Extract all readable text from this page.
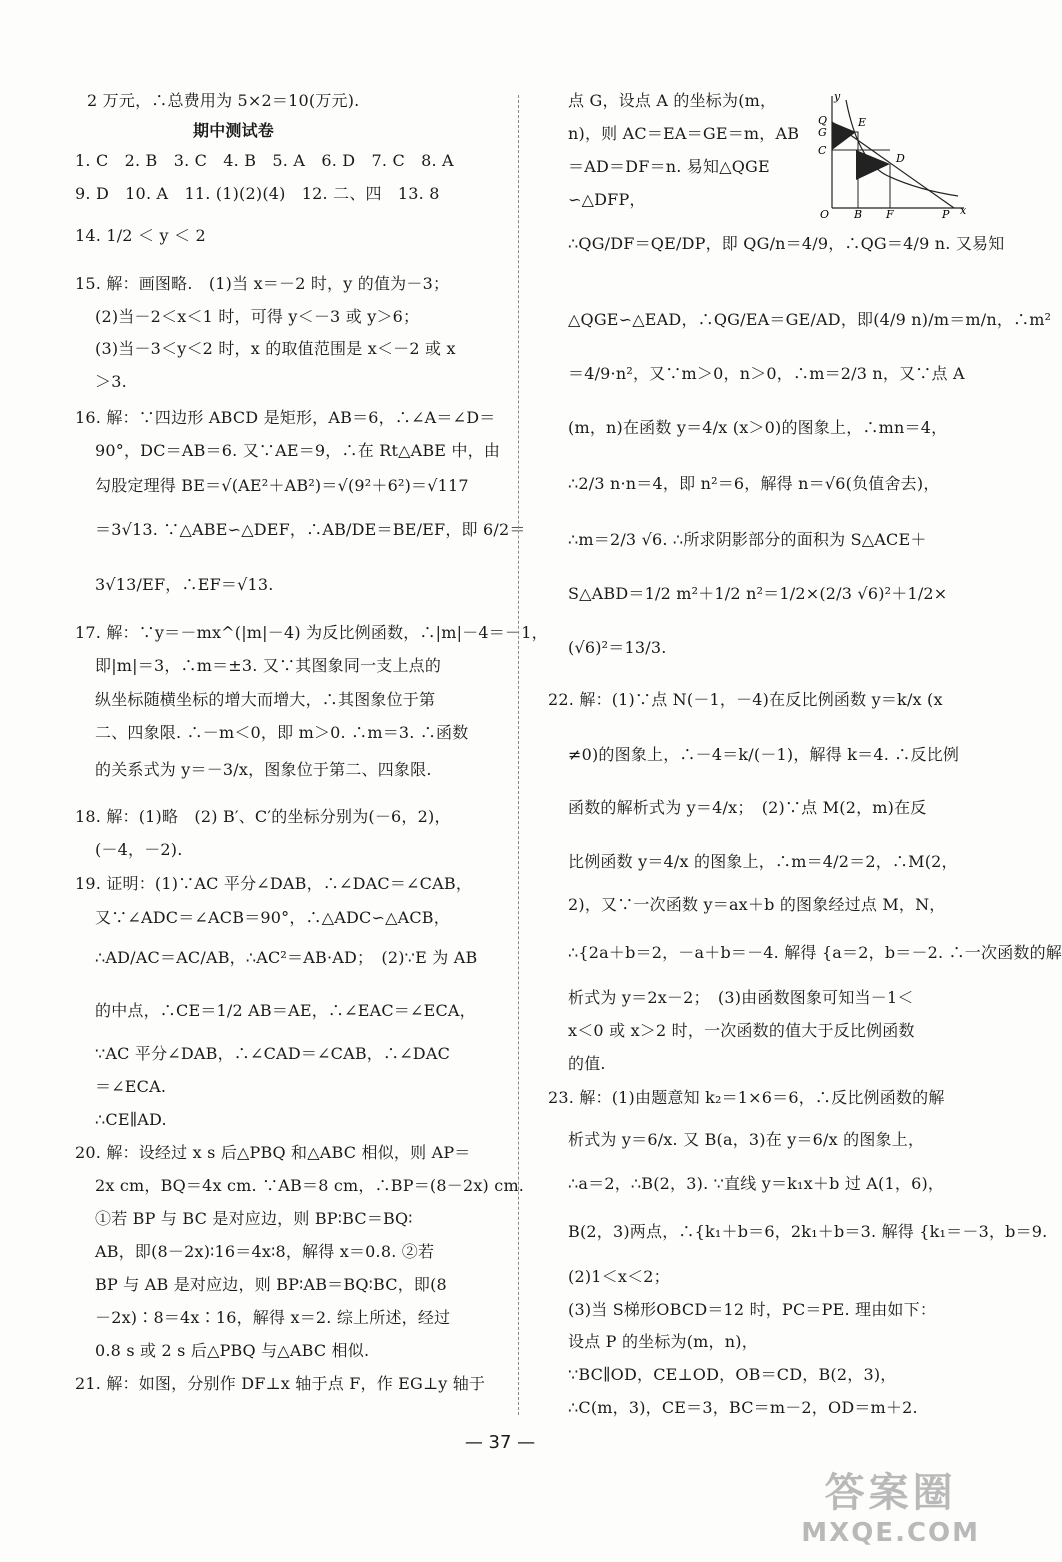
2 万元，∴总费用为 5×2＝10(万元).
期中测试卷
1. C　2. B　3. C　4. B　5. A　6. D　7. C　8. A
9. D　10. A　11. (1)(2)(4)　12. 二、四　13. 8
14. 1/2 ＜ y ＜ 2
15. 解：画图略.　(1)当 x＝－2 时，y 的值为－3；
(2)当－2＜x＜1 时，可得 y＜－3 或 y＞6；
(3)当－3＜y＜2 时，x 的取值范围是 x＜－2 或 x
＞3.
16. 解：∵四边形 ABCD 是矩形，AB＝6，∴∠A＝∠D＝
90°，DC＝AB＝6. 又∵AE＝9，∴在 Rt△ABE 中，由
勾股定理得 BE＝√(AE²＋AB²)＝√(9²＋6²)＝√117
＝3√13. ∵△ABE∽△DEF，∴AB/DE＝BE/EF，即 6/2＝
3√13/EF，∴EF＝√13.
17. 解：∵y＝－mx^(|m|－4) 为反比例函数，∴|m|－4＝－1，
即|m|＝3，∴m＝±3. 又∵其图象同一支上点的
纵坐标随横坐标的增大而增大，∴其图象位于第
二、四象限. ∴－m＜0，即 m＞0. ∴m＝3. ∴函数
的关系式为 y＝－3/x，图象位于第二、四象限.
18. 解：(1)略　(2) B′、C′的坐标分别为(－6，2)，
(－4，－2).
19. 证明：(1)∵AC 平分∠DAB，∴∠DAC＝∠CAB，
又∵∠ADC＝∠ACB＝90°，∴△ADC∽△ACB，
∴AD/AC＝AC/AB，∴AC²＝AB·AD；　(2)∵E 为 AB
的中点，∴CE＝1/2 AB＝AE，∴∠EAC＝∠ECA，
∵AC 平分∠DAB，∴∠CAD＝∠CAB，∴∠DAC
＝∠ECA.
∴CE∥AD.
20. 解：设经过 x s 后△PBQ 和△ABC 相似，则 AP＝
2x cm，BQ＝4x cm. ∵AB＝8 cm，∴BP＝(8－2x) cm.
①若 BP 与 BC 是对应边，则 BP∶BC＝BQ∶
AB，即(8－2x)∶16＝4x∶8，解得 x＝0.8. ②若
BP 与 AB 是对应边，则 BP∶AB＝BQ∶BC，即(8
－2x)∶8＝4x∶16，解得 x＝2. 综上所述，经过
0.8 s 或 2 s 后△PBQ 与△ABC 相似.
21. 解：如图，分别作 DF⊥x 轴于点 F，作 EG⊥y 轴于
点 G，设点 A 的坐标为(m，
n)，则 AC＝EA＝GE＝m，AB
＝AD＝DF＝n. 易知△QGE
∽△DFP，
∴QG/DF＝QE/DP，即 QG/n＝4/9，∴QG＝4/9 n. 又易知
△QGE∽△EAD，∴QG/EA＝GE/AD，即(4/9 n)/m＝m/n，∴m²
＝4/9·n²，又∵m＞0，n＞0，∴m＝2/3 n，又∵点 A
(m，n)在函数 y＝4/x (x＞0)的图象上，∴mn＝4，
∴2/3 n·n＝4，即 n²＝6，解得 n＝√6(负值舍去)，
∴m＝2/3 √6. ∴所求阴影部分的面积为 S△ACE＋
S△ABD＝1/2 m²＋1/2 n²＝1/2×(2/3 √6)²＋1/2×
(√6)²＝13/3.
22. 解：(1)∵点 N(－1，－4)在反比例函数 y＝k/x (x
≠0)的图象上，∴－4＝k/(－1)，解得 k＝4. ∴反比例
函数的解析式为 y＝4/x；　(2)∵点 M(2，m)在反
比例函数 y＝4/x 的图象上，∴m＝4/2＝2，∴M(2，
2)，又∵一次函数 y＝ax＋b 的图象经过点 M，N，
∴{2a＋b＝2，－a＋b＝－4. 解得 {a＝2，b＝－2. ∴一次函数的解
析式为 y＝2x－2；　(3)由函数图象可知当－1＜
x＜0 或 x＞2 时，一次函数的值大于反比例函数
的值.
23. 解：(1)由题意知 k₂＝1×6＝6，∴反比例函数的解
析式为 y＝6/x. 又 B(a，3)在 y＝6/x 的图象上，
∴a＝2，∴B(2，3). ∵直线 y＝k₁x＋b 过 A(1，6)，
B(2，3)两点，∴{k₁＋b＝6，2k₁＋b＝3. 解得 {k₁＝－3，b＝9.
(2)1＜x＜2；
(3)当 S梯形OBCD＝12 时，PC＝PE. 理由如下：
设点 P 的坐标为(m，n)，
∵BC∥OD，CE⊥OD，OB＝CD，B(2，3)，
∴C(m，3)，CE＝3，BC＝m－2，OD＝m＋2.
y
Q	E
G
C
D
A
O B F	P x
— 37 —
答案圈
MXQE.COM
